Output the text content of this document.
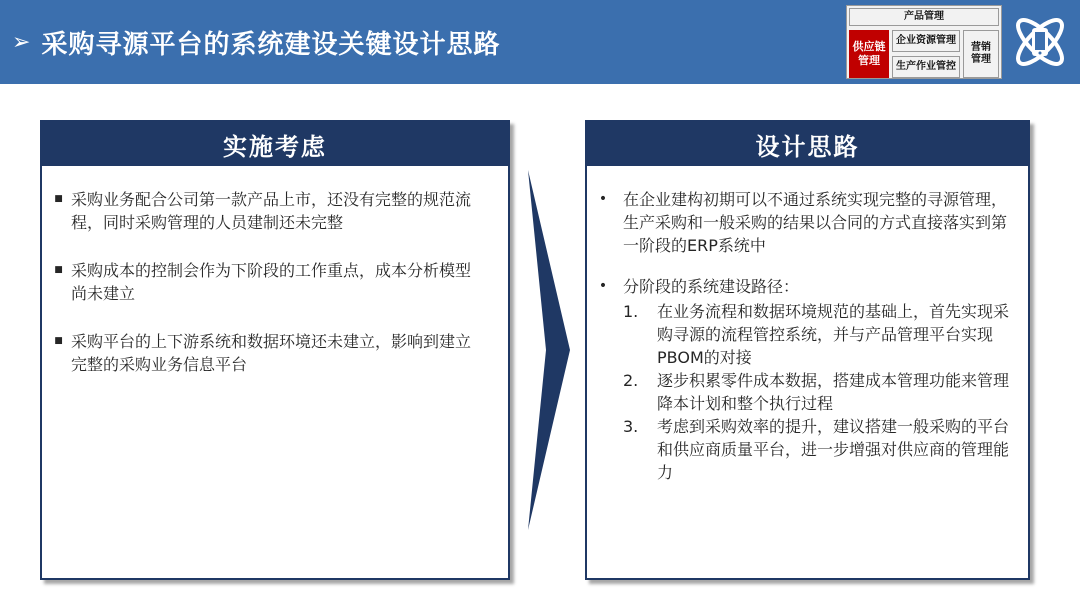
➢ 采购寻源平台的系统建设关键设计思路
产品管理
供应链管理
企业资源管理
生产作业管控
营销管理
实施考虑
■ 采购业务配合公司第一款产品上市，还没有完整的规范流程，同时采购管理的人员建制还未完整
■ 采购成本的控制会作为下阶段的工作重点，成本分析模型尚未建立
■ 采购平台的上下游系统和数据环境还未建立，影响到建立完整的采购业务信息平台
设计思路
• 在企业建构初期可以不通过系统实现完整的寻源管理，生产采购和一般采购的结果以合同的方式直接落实到第一阶段的ERP系统中
• 分阶段的系统建设路径：
1.	在业务流程和数据环境规范的基础上，首先实现采购寻源的流程管控系统，并与产品管理平台实现PBOM的对接
2.	逐步积累零件成本数据，搭建成本管理功能来管理降本计划和整个执行过程
3.	考虑到采购效率的提升，建议搭建一般采购的平台和供应商质量平台，进一步增强对供应商的管理能力
